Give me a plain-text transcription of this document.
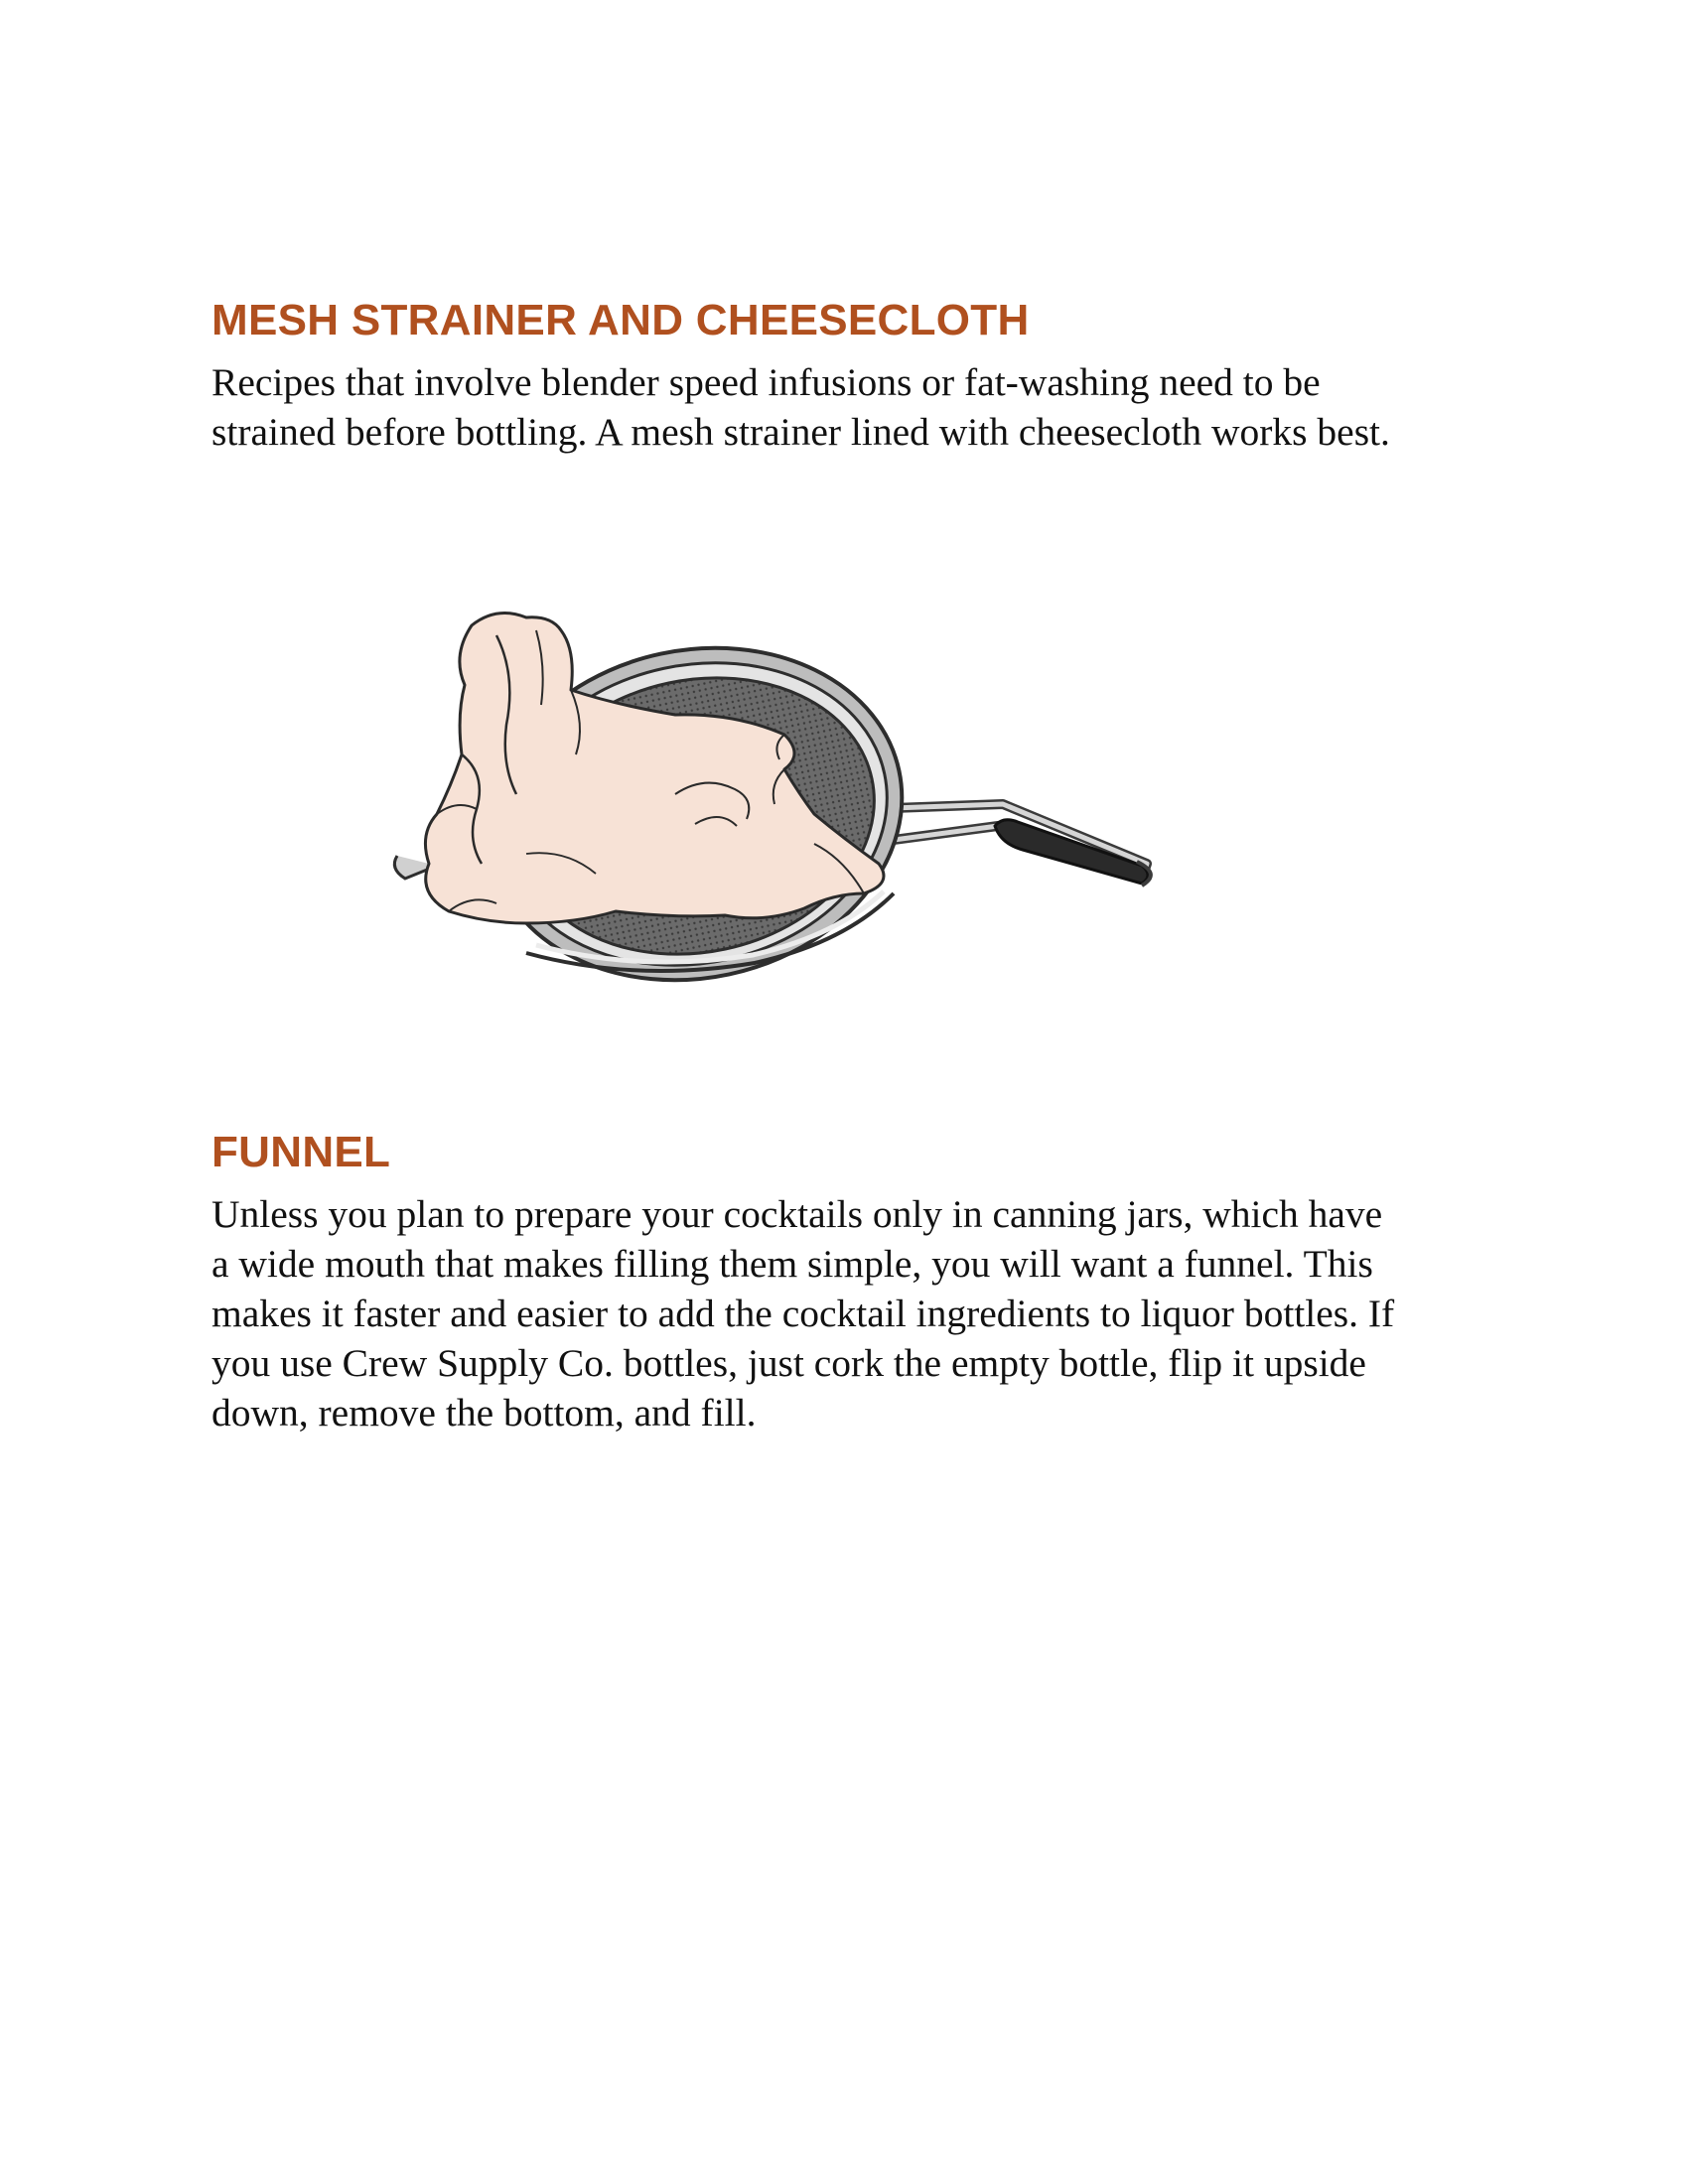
MESH STRAINER AND CHEESECLOTH

Recipes that involve blender speed infusions or fat-washing need to be
strained before bottling. A mesh strainer lined with cheesecloth works best.

FUNNEL

Unless you plan to prepare your cocktails only in canning jars, which have
a wide mouth that makes filling them simple, you will want a funnel. This
makes it faster and easier to add the cocktail ingredients to liquor bottles. If
you use Crew Supply Co. bottles, just cork the empty bottle, flip it upside
down, remove the bottom, and fill.
